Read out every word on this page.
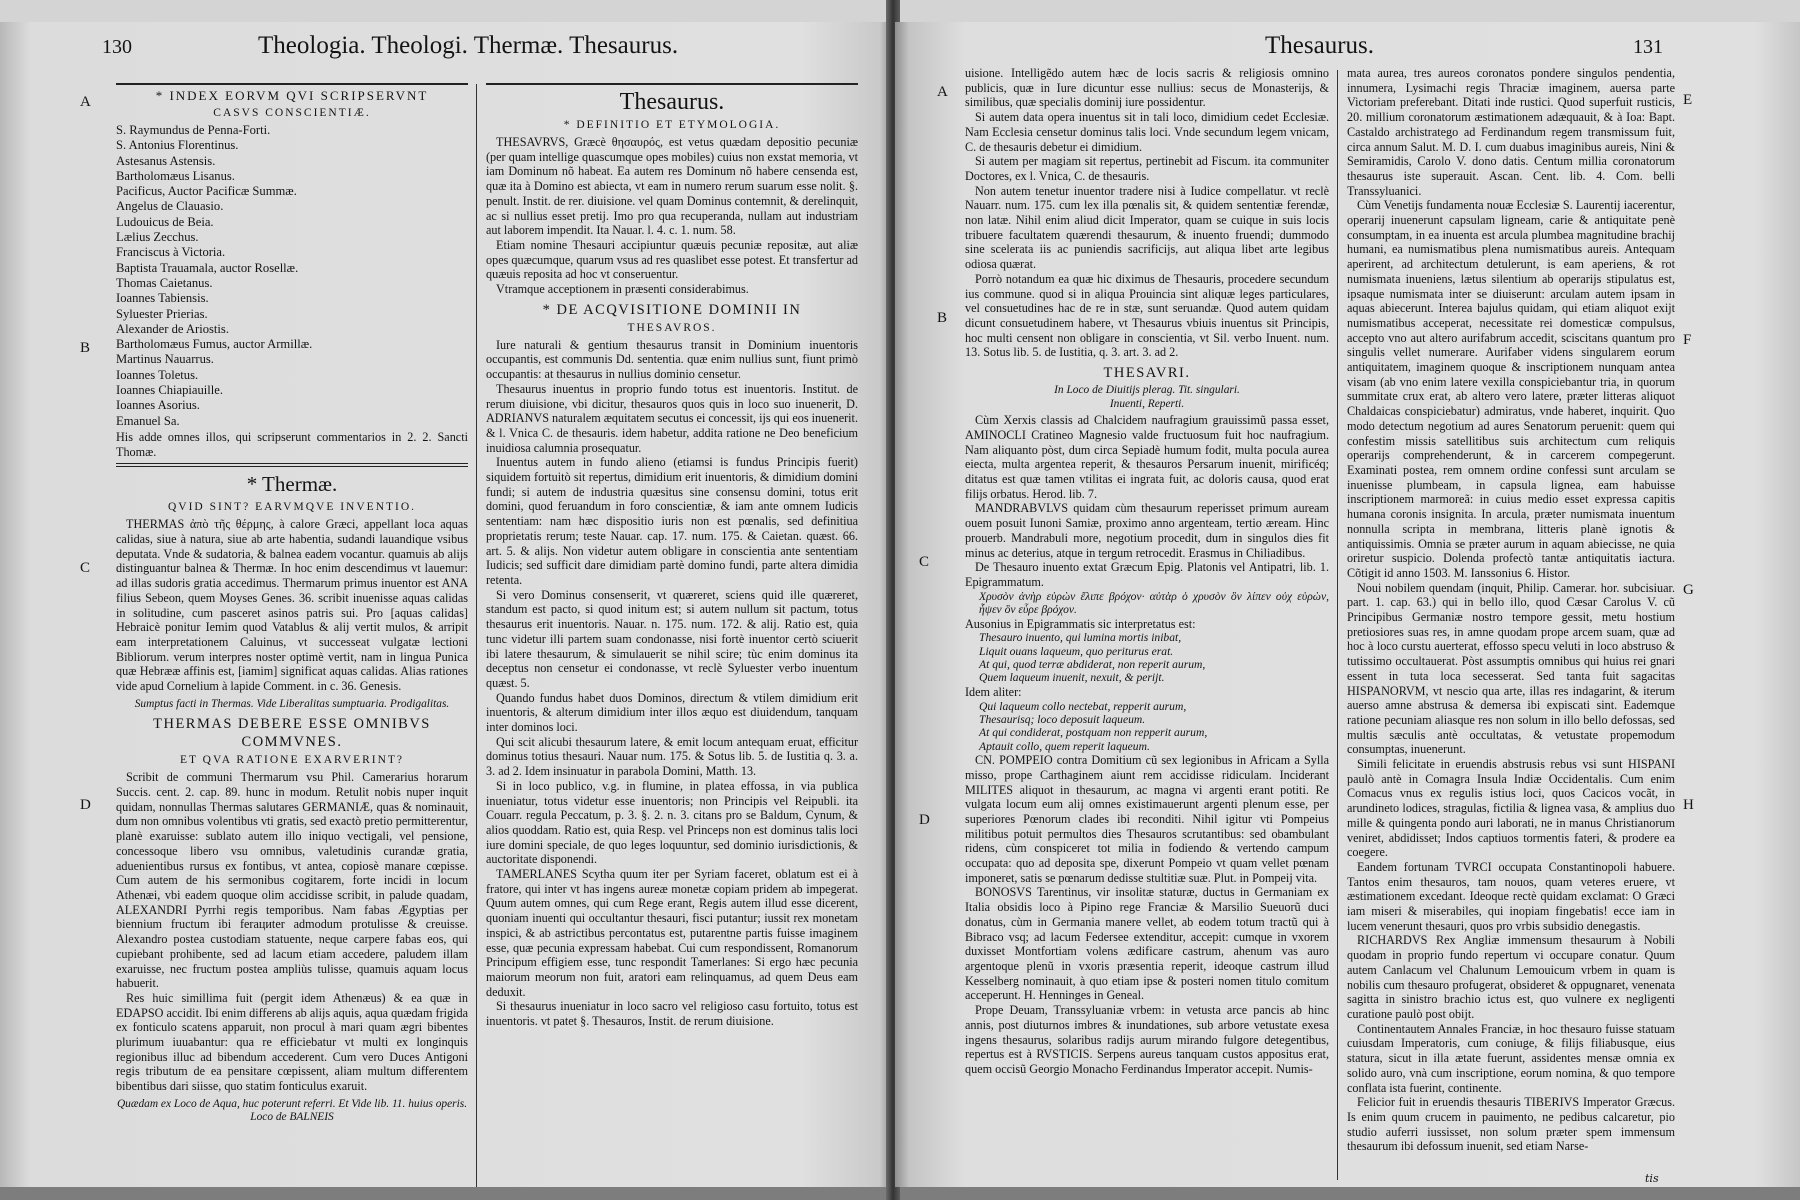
130	Theologia. Theologi. Thermæ. Thesaurus.
A
B
C
D
* INDEX EORVM QVI SCRIPSERVNT
CASVS CONSCIENTIÆ.
S. Raymundus de Penna-Forti.
S. Antonius Florentinus.
Astesanus Astensis.
Bartholomæus Lisanus.
Pacificus, Auctor Pacificæ Summæ.
Angelus de Clauasio.
Ludouicus de Beia.
Lælius Zecchus.
Franciscus à Victoria.
Baptista Trauamala, auctor Rosellæ.
Thomas Caietanus.
Ioannes Tabiensis.
Syluester Prierias.
Alexander de Ariostis.
Bartholomæus Fumus, auctor Armillæ.
Martinus Nauarrus.
Ioannes Toletus.
Ioannes Chiapiauille.
Ioannes Asorius.
Emanuel Sa.

His adde omnes illos, qui scripserunt commentarios in 2. 2. Sancti Thomæ.

* Thermæ.
QVID SINT? EARVMQVE INVENTIO.

THERMAS ἀπὸ τῆς θέρμης, à calore Græci, appellant loca aquas calidas, siue à natura, siue ab arte habentia, sudandi lauandique vsibus deputata. Vnde & sudatoria, & balnea eadem vocantur. quamuis ab alijs distinguantur balnea & Thermæ. In hoc enim descendimus vt lauemur: ad illas sudoris gratia accedimus. Thermarum primus inuentor est ANA filius Sebeon, quem Moyses Genes. 36. scribit inuenisse aquas calidas in solitudine, cum pasceret asinos patris sui. Pro [aquas calidas] Hebraicè ponitur Iemim quod Vatablus & alij vertit mulos, & arripit eam interpretationem Caluinus, vt successeat vulgatæ lectioni Bibliorum. verum interpres noster optimè vertit, nam in lingua Punica quæ Hebrææ affinis est, [iamim] significat aquas calidas. Alias rationes vide apud Cornelium à lapide Comment. in c. 36. Genesis.

Sumptus facti in Thermas. Vide Liberalitas sumptuaria. Prodigalitas.
THERMAS DEBERE ESSE OMNIBVS COMMVNES.
ET QVA RATIONE EXARVERINT?

Scribit de communi Thermarum vsu Phil. Camerarius horarum Succis. cent. 2. cap. 89. hunc in modum. Retulit nobis nuper inquit quidam, nonnullas Thermas salutares GERMANIÆ, quas & nominauit, dum non omnibus volentibus vti gratis, sed exactò pretio permitterentur, planè exaruisse: sublato autem illo iniquo vectigali, vel pensione, concessoque libero vsu omnibus, valetudinis curandæ gratia, aduenientibus rursus ex fontibus, vt antea, copiosè manare cœpisse. Cum autem de his sermonibus cogitarem, forte incidi in locum Athenæi, vbi eadem quoque olim accidisse scribit, in palude quadam, ALEXANDRI Pyrrhi regis temporibus. Nam fabas Ægyptias per biennium fructum ibi ferациter admodum protulisse & creuisse. Alexandro postea custodiam statuente, neque carpere fabas eos, qui cupiebant prohibente, sed ad lacum etiam accedere, paludem illam exaruisse, nec fructum postea ampliùs tulisse, quamuis aquam locus habuerit.

Res huic simillima fuit (pergit idem Athenæus) & ea quæ in EDAPSO accidit. Ibi enim differens ab alijs aquis, aqua quædam frigida ex fonticulo scatens apparuit, non procul à mari quam ægri bibentes plurimum iuuabantur: qua re efficiebatur vt multi ex longinquis regionibus illuc ad bibendum accederent. Cum vero Duces Antigoni regis tributum de ea pensitare cœpissent, aliam multum differentem bibentibus dari siisse, quo statim fonticulus exaruit.

Quædam ex Loco de Aqua, huc poterunt referri. Et Vide lib. 11. huius operis. Loco de BALNEIS
Thesaurus.
* DEFINITIO ET ETYMOLOGIA.

THESAVRVS, Græcè θησαυρός, est vetus quædam depositio pecuniæ (per quam intellige quascumque opes mobiles) cuius non exstat memoria, vt iam Dominum nõ habeat. Ea autem res Dominum nõ habere censenda est, quæ ita à Domino est abiecta, vt eam in numero rerum suarum esse nolit. §. penult. Instit. de rer. diuisione. vel quam Dominus contemnit, & derelinquit, ac si nullius esset pretij. Imo pro qua recuperanda, nullam aut industriam aut laborem impendit. Ita Nauar. l. 4. c. 1. num. 58.

Etiam nomine Thesauri accipiuntur quæuis pecuniæ repositæ, aut aliæ opes quæcumque, quarum vsus ad res quaslibet esse potest. Et transfertur ad quæuis reposita ad hoc vt conseruentur.

Vtramque acceptionem in præsenti considerabimus.

* DE ACQVISITIONE DOMINII IN
THESAVROS.

Iure naturali & gentium thesaurus transit in Dominium inuentoris occupantis, est communis Dd. sententia. quæ enim nullius sunt, fiunt primò occupantis: at thesaurus in nullius dominio censetur.

Thesaurus inuentus in proprio fundo totus est inuentoris. Institut. de rerum diuisione, vbi dicitur, thesauros quos quis in loco suo inuenerit, D. ADRIANVS naturalem æquitatem secutus ei concessit, ijs qui eos inuenerit. & l. Vnica C. de thesauris. idem habetur, addita ratione ne Deo beneficium inuidiosa calumnia prosequatur.

Inuentus autem in fundo alieno (etiamsi is fundus Principis fuerit) siquidem fortuitò sit repertus, dimidium erit inuentoris, & dimidium domini fundi; si autem de industria quæsitus sine consensu domini, totus erit domini, quod feruandum in foro conscientiæ, & iam ante omnem Iudicis sententiam: nam hæc dispositio iuris non est pœnalis, sed definitiua proprietatis rerum; teste Nauar. cap. 17. num. 175. & Caietan. quæst. 66. art. 5. & alijs. Non videtur autem obligare in conscientia ante sententiam Iudicis; sed sufficit dare dimidiam partè domino fundi, parte altera dimidia retenta.

Si vero Dominus consenserit, vt quæreret, sciens quid ille quæreret, standum est pacto, si quod initum est; si autem nullum sit pactum, totus thesaurus erit inuentoris. Nauar. n. 175. num. 172. & alij. Ratio est, quia tunc videtur illi partem suam condonasse, nisi fortè inuentor certò sciuerit ibi latere thesaurum, & simulauerit se nihil scire; tùc enim dominus ita deceptus non censetur ei condonasse, vt reclè Syluester verbo inuentum quæst. 5.

Quando fundus habet duos Dominos, directum & vtilem dimidium erit inuentoris, & alterum dimidium inter illos æquo est diuidendum, tanquam inter dominos loci.

Qui scit alicubi thesaurum latere, & emit locum antequam eruat, efficitur dominus totius thesauri. Nauar num. 175. & Sotus lib. 5. de Iustitia q. 3. a. 3. ad 2. Idem insinuatur in parabola Domini, Matth. 13.

Si in loco publico, v.g. in flumine, in platea effossa, in via publica inueniatur, totus videtur esse inuentoris; non Principis vel Reipubli. ita Couarr. regula Peccatum, p. 3. §. 2. n. 3. citans pro se Baldum, Cynum, & alios quoddam. Ratio est, quia Resp. vel Princeps non est dominus talis loci iure domini speciale, de quo leges loquuntur, sed dominio iurisdictionis, & auctoritate disponendi.

TAMERLANES Scytha quum iter per Syriam faceret, oblatum est ei à fratore, qui inter vt has ingens aureæ monetæ copiam pridem ab impegerat. Quum autem omnes, qui cum Rege erant, Regis autem illud esse dicerent, quoniam inuenti qui occultantur thesauri, fisci putantur; iussit rex monetam inspici, & ab astrictibus percontatus est, putarentne partis fuisse imaginem esse, quæ pecunia expressam habebat. Cui cum respondissent, Romanorum Principum effigiem esse, tunc respondit Tamerlanes: Si ergo hæc pecunia maiorum meorum non fuit, aratori eam relinquamus, ad quem Deus eam deduxit.

Si thesaurus inueniatur in loco sacro vel religioso casu fortuito, totus est inuentoris. vt patet §. Thesauros, Instit. de rerum diuisione.

Thesaurus.	131
A
B
C
D
E
F
G
H

uisione. Intelligẽdo autem hæc de locis sacris & religiosis omnino publicis, quæ in Iure dicuntur esse nullius: secus de Monasterijs, & similibus, quæ specialis dominij iure possidentur.

Si autem data opera inuentus sit in tali loco, dimidium cedet Ecclesiæ. Nam Ecclesia censetur dominus talis loci. Vnde secundum legem vnicam, C. de thesauris debetur ei dimidium.

Si autem per magiam sit repertus, pertinebit ad Fiscum. ita communiter Doctores, ex l. Vnica, C. de thesauris.

Non autem tenetur inuentor tradere nisi à Iudice compellatur. vt reclè Nauarr. num. 175. cum lex illa pœnalis sit, & quidem sententiæ ferendæ, non latæ. Nihil enim aliud dicit Imperator, quam se cuique in suis locis tribuere facultatem quærendi thesaurum, & inuento fruendi; dummodo sine scelerata iis ac puniendis sacrificijs, aut aliqua libet arte legibus odiosa quærat.

Porrò notandum ea quæ hic diximus de Thesauris, procedere secundum ius commune. quod si in aliqua Prouincia sint aliquæ leges particulares, vel consuetudines hac de re in stæ, sunt seruandæ. Quod autem quidam dicunt consuetudinem habere, vt Thesaurus vbiuis inuentus sit Principis, hoc multi censent non obligare in conscientia, vt Sil. verbo Inuent. num. 13. Sotus lib. 5. de Iustitia, q. 3. art. 3. ad 2.

THESAVRI.
In Loco de Diuitijs plerag. Tit. singulari.
Inuenti, Reperti.

Cùm Xerxis classis ad Chalcidem naufragium grauissimũ passa esset, AMINOCLI Cratineo Magnesio valde fructuosum fuit hoc naufragium. Nam aliquanto pòst, dum circa Sepiadè humum fodit, multa pocula aurea eiecta, multa argentea reperit, & thesauros Persarum inuenit, mirificéq; ditatus est quæ tamen vtilitas ei ingrata fuit, ac doloris causa, quod erat filijs orbatus. Herod. lib. 7.

MANDRABVLVS quidam cùm thesaurum reperisset primum auream ouem posuit Iunoni Samiæ, proximo anno argenteam, tertio æream. Hinc prouerb. Mandrabuli more, negotium procedit, dum in singulos dies fit minus ac deterius, atque in tergum retrocedit. Erasmus in Chiliadibus.

De Thesauro inuento extat Græcum Epig. Platonis vel Antipatri, lib. 1. Epigrammatum.

Χρυσὸν ἀνὴρ εὑρὼν ἔλιπε βρόχον· αὐτὰρ ὁ χρυσὸν ὃν λίπεν οὐχ εὑρὼν, ἧψεν ὃν εὗρε βρόχον.

Ausonius in Epigrammatis sic interpretatus est:

Thesauro inuento, qui lumina mortis inibat,

Liquit ouans laqueum, quo periturus erat.

At qui, quod terræ abdiderat, non reperit aurum,

Quem laqueum inuenit, nexuit, & perijt.

Idem aliter:

Qui laqueum collo nectebat, repperit aurum,

Thesaurisq; loco deposuit laqueum.

At qui condiderat, postquam non repperit aurum,

Aptauit collo, quem reperit laqueum.

CN. POMPEIO contra Domitium cũ sex legionibus in Africam a Sylla misso, prope Carthaginem aiunt rem accidisse ridiculam. Inciderant MILITES aliquot in thesaurum, ac magna vi argenti erant potiti. Re vulgata locum eum alij omnes existimauerunt argenti plenum esse, per superiores Pœnorum clades ibi reconditi. Nihil igitur vti Pompeius militibus potuit permultos dies Thesauros scrutantibus: sed obambulant ridens, cùm conspiceret tot milia in fodiendo & vertendo campum occupata: quo ad deposita spe, dixerunt Pompeio vt quam vellet pœnam imponeret, satis se pœnarum dedisse stultitiæ suæ. Plut. in Pompeij vita.

BONOSVS Tarentinus, vir insolitæ staturæ, ductus in Germaniam ex Italia obsidis loco à Pipino rege Franciæ & Marsilio Sueuorũ duci donatus, cùm in Germania manere vellet, ab eodem totum tractũ qui à Bibraco vsq; ad lacum Federsee extenditur, accepit: cumque in vxorem duxisset Montfortiam volens ædificare castrum, ahenum vas auro argentoque plenũ in vxoris præsentia reperit, ideoque castrum illud Kesselberg nominauit, à quo etiam ipse & posteri nomen titulo comitum acceperunt. H. Henninges in Geneal.

Prope Deuam, Transsyluaniæ vrbem: in vetusta arce pancis ab hinc annis, post diuturnos imbres & inundationes, sub arbore vetustate exesa ingens thesaurus, solaribus radijs aurum mirando fulgore detegentibus, repertus est à RVSTICIS. Serpens aureus tanquam custos appositus erat, quem occisũ Georgio Monacho Ferdinandus Imperator accepit. Numis-

mata aurea, tres aureos coronatos pondere singulos pendentia, innumera, Lysimachi regis Thraciæ imaginem, auersa parte Victoriam preferebant. Ditati inde rustici. Quod superfuit rusticis, 20. millium coronatorum æstimationem adæquauit, & à Ioa: Bapt. Castaldo archistratego ad Ferdinandum regem transmissum fuit, circa annum Salut. M. D. I. cum duabus imaginibus aureis, Nini & Semiramidis, Carolo V. dono datis. Centum millia coronatorum thesaurus iste superauit. Ascan. Cent. lib. 4. Com. belli Transsyluanici.

Cùm Venetijs fundamenta nouæ Ecclesiæ S. Laurentij iacerentur, operarij inuenerunt capsulam ligneam, carie & antiquitate penè consumptam, in ea inuenta est arcula plumbea magnitudine brachij humani, ea numismatibus plena numismatibus aureis. Antequam aperirent, ad architectum detulerunt, is eam aperiens, & rot numismata inueniens, lætus silentium ab operarijs stipulatus est, ipsaque numismata inter se diuiserunt: arculam autem ipsam in aquas abiecerunt. Interea bajulus quidam, qui etiam aliquot exijt numismatibus acceperat, necessitate rei domesticæ compulsus, accepto vno aut altero aurifabrum accedit, sciscitans quantum pro singulis vellet numerare. Aurifaber videns singularem eorum antiquitatem, imaginem quoque & inscriptionem nunquam antea visam (ab vno enim latere vexilla conspiciebantur tria, in quorum summitate crux erat, ab altero vero latere, præter litteras aliquot Chaldaicas conspiciebatur) admiratus, vnde haberet, inquirit. Quo modo detectum negotium ad aures Senatorum peruenit: quem qui confestim missis satellitibus suis architectum cum reliquis operarijs comprehenderunt, & in carcerem compegerunt. Examinati postea, rem omnem ordine confessi sunt arculam se inuenisse plumbeam, in capsula lignea, eam habuisse inscriptionem marmoreã: in cuius medio esset expressa capitis humana coronis insignita. In arcula, præter numismata inuentum nonnulla scripta in membrana, litteris planè ignotis & antiquissimis. Omnia se præter aurum in aquam abiecisse, ne quia oriretur suspicio. Dolenda profectò tantæ antiquitatis iactura. Cõtigit id anno 1503. M. Ianssonius 6. Histor.

Noui nobilem quendam (inquit, Philip. Camerar. hor. subcisiuar. part. 1. cap. 63.) qui in bello illo, quod Cæsar Carolus V. cũ Principibus Germaniæ nostro tempore gessit, metu hostium pretiosiores suas res, in amne quodam prope arcem suam, quæ ad hoc à loco curstu auerterat, effosso specu veluti in loco abstruso & tutissimo occultauerat. Pòst assumptis omnibus qui huius rei gnari essent in tuta loca secesserat. Sed tanta fuit sagacitas HISPANORVM, vt nescio qua arte, illas res indagarint, & iterum auerso amne abstrusa & demersa ibi expiscati sint. Eademque ratione pecuniam aliasque res non solum in illo bello defossas, sed multis sæculis antè occultatas, & vetustate propemodum consumptas, inuenerunt.

Simili felicitate in eruendis abstrusis rebus vsi sunt HISPANI paulò antè in Comagra Insula Indiæ Occidentalis. Cum enim Comacus vnus ex regulis istius loci, quos Cacicos vocãt, in arundineto lodices, stragulas, fictilia & lignea vasa, & amplius duo mille & quingenta pondo auri laborati, ne in manus Christianorum veniret, abdidisset; Indos captiuos tormentis fateri, & prodere ea coegere.

Eandem fortunam TVRCI occupata Constantinopoli habuere. Tantos enim thesauros, tam nouos, quam veteres eruere, vt æstimationem excedant. Ideoque rectè quidam exclamat: O Græci iam miseri & miserabiles, qui inopiam fingebatis! ecce iam in lucem venerunt thesauri, quos pro vrbis subsidio denegastis.

RICHARDVS Rex Angliæ immensum thesaurum à Nobili quodam in proprio fundo repertum vi occupare conatur. Quum autem Canlacum vel Chalunum Lemouicum vrbem in quam is nobilis cum thesauro profugerat, obsideret & oppugnaret, venenata sagitta in sinistro brachio ictus est, quo vulnere ex negligenti curatione paulò post obijt.

Continentautem Annales Franciæ, in hoc thesauro fuisse statuam cuiusdam Imperatoris, cum coniuge, & filijs filiabusque, eius statura, sicut in illa ætate fuerunt, assidentes mensæ omnia ex solido auro, vnà cum inscriptione, eorum nomina, & quo tempore conflata ista fuerint, continente.

Felicior fuit in eruendis thesauris TIBERIVS Imperator Græcus. Is enim quum crucem in pauimento, ne pedibus calcaretur, pio studio auferri iussisset, non solum præter spem immensum thesaurum ibi defossum inuenit, sed etiam Narse-

tis
